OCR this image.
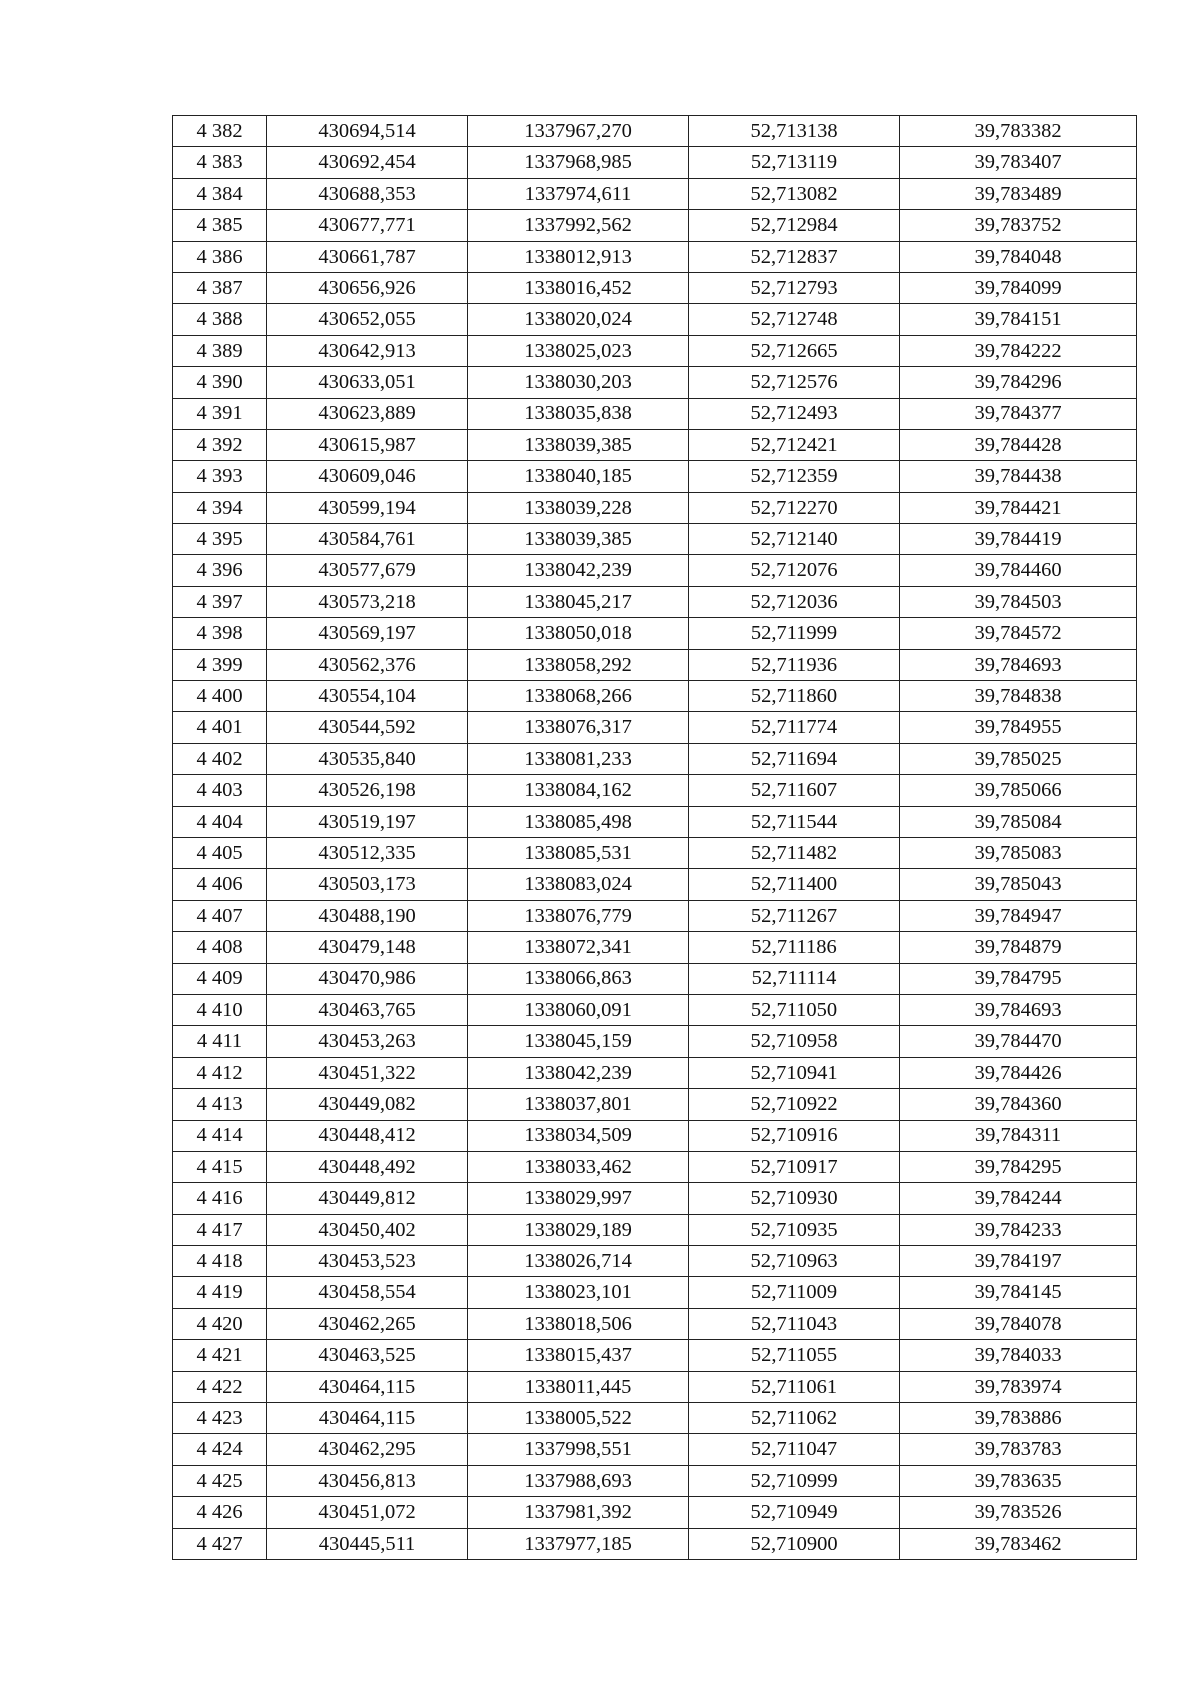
4 382	430694,514	1337967,270	52,713138	39,783382
4 383	430692,454	1337968,985	52,713119	39,783407
4 384	430688,353	1337974,611	52,713082	39,783489
4 385	430677,771	1337992,562	52,712984	39,783752
4 386	430661,787	1338012,913	52,712837	39,784048
4 387	430656,926	1338016,452	52,712793	39,784099
4 388	430652,055	1338020,024	52,712748	39,784151
4 389	430642,913	1338025,023	52,712665	39,784222
4 390	430633,051	1338030,203	52,712576	39,784296
4 391	430623,889	1338035,838	52,712493	39,784377
4 392	430615,987	1338039,385	52,712421	39,784428
4 393	430609,046	1338040,185	52,712359	39,784438
4 394	430599,194	1338039,228	52,712270	39,784421
4 395	430584,761	1338039,385	52,712140	39,784419
4 396	430577,679	1338042,239	52,712076	39,784460
4 397	430573,218	1338045,217	52,712036	39,784503
4 398	430569,197	1338050,018	52,711999	39,784572
4 399	430562,376	1338058,292	52,711936	39,784693
4 400	430554,104	1338068,266	52,711860	39,784838
4 401	430544,592	1338076,317	52,711774	39,784955
4 402	430535,840	1338081,233	52,711694	39,785025
4 403	430526,198	1338084,162	52,711607	39,785066
4 404	430519,197	1338085,498	52,711544	39,785084
4 405	430512,335	1338085,531	52,711482	39,785083
4 406	430503,173	1338083,024	52,711400	39,785043
4 407	430488,190	1338076,779	52,711267	39,784947
4 408	430479,148	1338072,341	52,711186	39,784879
4 409	430470,986	1338066,863	52,711114	39,784795
4 410	430463,765	1338060,091	52,711050	39,784693
4 411	430453,263	1338045,159	52,710958	39,784470
4 412	430451,322	1338042,239	52,710941	39,784426
4 413	430449,082	1338037,801	52,710922	39,784360
4 414	430448,412	1338034,509	52,710916	39,784311
4 415	430448,492	1338033,462	52,710917	39,784295
4 416	430449,812	1338029,997	52,710930	39,784244
4 417	430450,402	1338029,189	52,710935	39,784233
4 418	430453,523	1338026,714	52,710963	39,784197
4 419	430458,554	1338023,101	52,711009	39,784145
4 420	430462,265	1338018,506	52,711043	39,784078
4 421	430463,525	1338015,437	52,711055	39,784033
4 422	430464,115	1338011,445	52,711061	39,783974
4 423	430464,115	1338005,522	52,711062	39,783886
4 424	430462,295	1337998,551	52,711047	39,783783
4 425	430456,813	1337988,693	52,710999	39,783635
4 426	430451,072	1337981,392	52,710949	39,783526
4 427	430445,511	1337977,185	52,710900	39,783462
